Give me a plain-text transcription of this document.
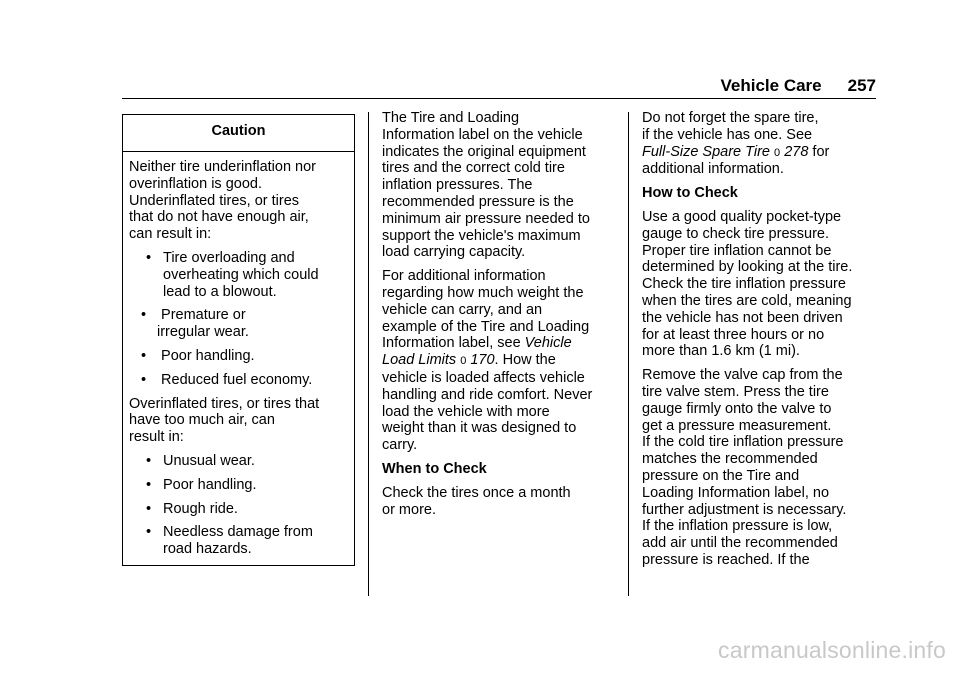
Vehicle Care 257
Caution

Neither tire underinflation nor
overinflation is good.
Underinflated tires, or tires
that do not have enough air,
can result in:

• Tire overloading and
overheating which could
lead to a blowout.
• Premature or
irregular wear.
• Poor handling.
• Reduced fuel economy.

Overinflated tires, or tires that
have too much air, can
result in:

• Unusual wear.
• Poor handling.
• Rough ride.
• Needless damage from
road hazards.

The Tire and Loading
Information label on the vehicle
indicates the original equipment
tires and the correct cold tire
inflation pressures. The
recommended pressure is the
minimum air pressure needed to
support the vehicle's maximum
load carrying capacity.

For additional information
regarding how much weight the
vehicle can carry, and an
example of the Tire and Loading
Information label, see Vehicle
Load Limits 0 170. How the
vehicle is loaded affects vehicle
handling and ride comfort. Never
load the vehicle with more
weight than it was designed to
carry.

When to Check

Check the tires once a month
or more.

Do not forget the spare tire,
if the vehicle has one. See
Full-Size Spare Tire 0 278 for
additional information.

How to Check

Use a good quality pocket-type
gauge to check tire pressure.
Proper tire inflation cannot be
determined by looking at the tire.
Check the tire inflation pressure
when the tires are cold, meaning
the vehicle has not been driven
for at least three hours or no
more than 1.6 km (1 mi).

Remove the valve cap from the
tire valve stem. Press the tire
gauge firmly onto the valve to
get a pressure measurement.
If the cold tire inflation pressure
matches the recommended
pressure on the Tire and
Loading Information label, no
further adjustment is necessary.
If the inflation pressure is low,
add air until the recommended
pressure is reached. If the

carmanualsonline.info
